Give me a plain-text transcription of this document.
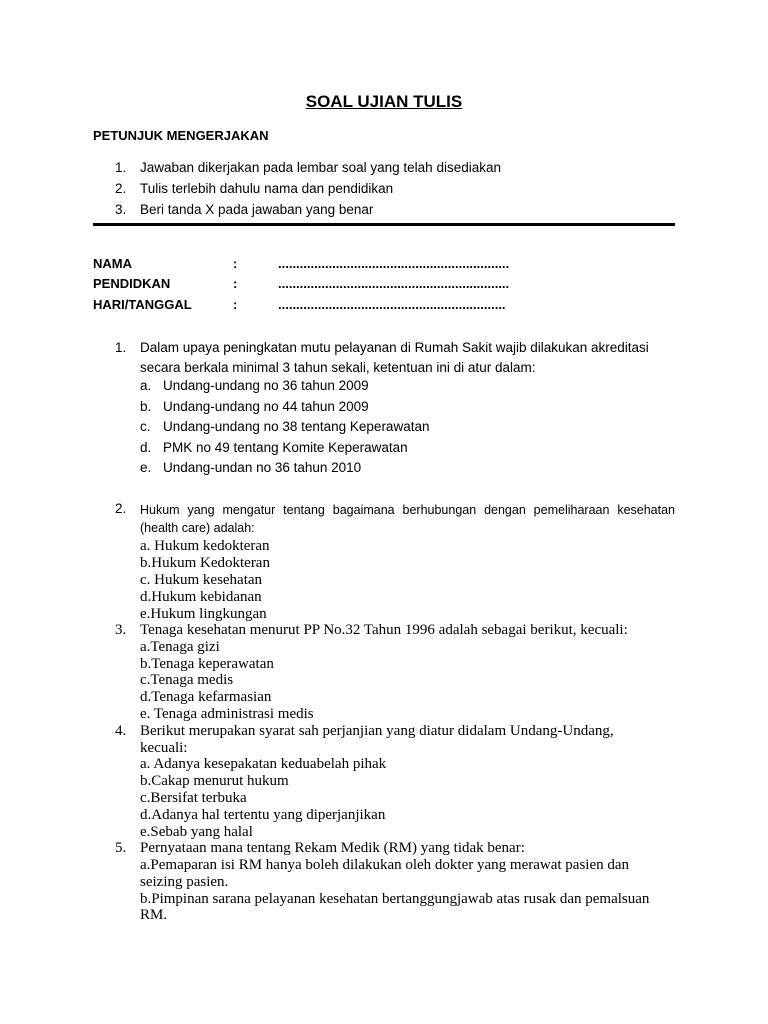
SOAL UJIAN TULIS
PETUNJUK MENGERJAKAN
1. Jawaban dikerjakan pada lembar soal yang telah disediakan
2. Tulis terlebih dahulu nama dan pendidikan
3. Beri tanda X pada jawaban yang benar
NAMA	:	................................................................
PENDIDKAN	:	................................................................
HARI/TANGGAL	:	...............................................................
1. Dalam upaya peningkatan mutu pelayanan di Rumah Sakit wajib dilakukan akreditasi
secara berkala minimal 3 tahun sekali, ketentuan ini di atur dalam:
a. Undang-undang no 36 tahun 2009
b. Undang-undang no 44 tahun 2009
c. Undang-undang no 38 tentang Keperawatan
d. PMK no 49 tentang Komite Keperawatan
e. Undang-undan no 36 tahun 2010
2. Hukum yang mengatur tentang bagaimana berhubungan dengan pemeliharaan kesehatan
(health care) adalah:
a. Hukum kedokteran
b.Hukum Kedokteran
c. Hukum kesehatan
d.Hukum kebidanan
e.Hukum lingkungan
3. Tenaga kesehatan menurut PP No.32 Tahun 1996 adalah sebagai berikut, kecuali:
a.Tenaga gizi
b.Tenaga keperawatan
c.Tenaga medis
d.Tenaga kefarmasian
e. Tenaga administrasi medis
4. Berikut merupakan syarat sah perjanjian yang diatur didalam Undang-Undang,
kecuali:
a. Adanya kesepakatan keduabelah pihak
b.Cakap menurut hukum
c.Bersifat terbuka
d.Adanya hal tertentu yang diperjanjikan
e.Sebab yang halal
5. Pernyataan mana tentang Rekam Medik (RM) yang tidak benar:
a.Pemaparan isi RM hanya boleh dilakukan oleh dokter yang merawat pasien dan
seizing pasien.
b.Pimpinan sarana pelayanan kesehatan bertanggungjawab atas rusak dan pemalsuan
RM.
